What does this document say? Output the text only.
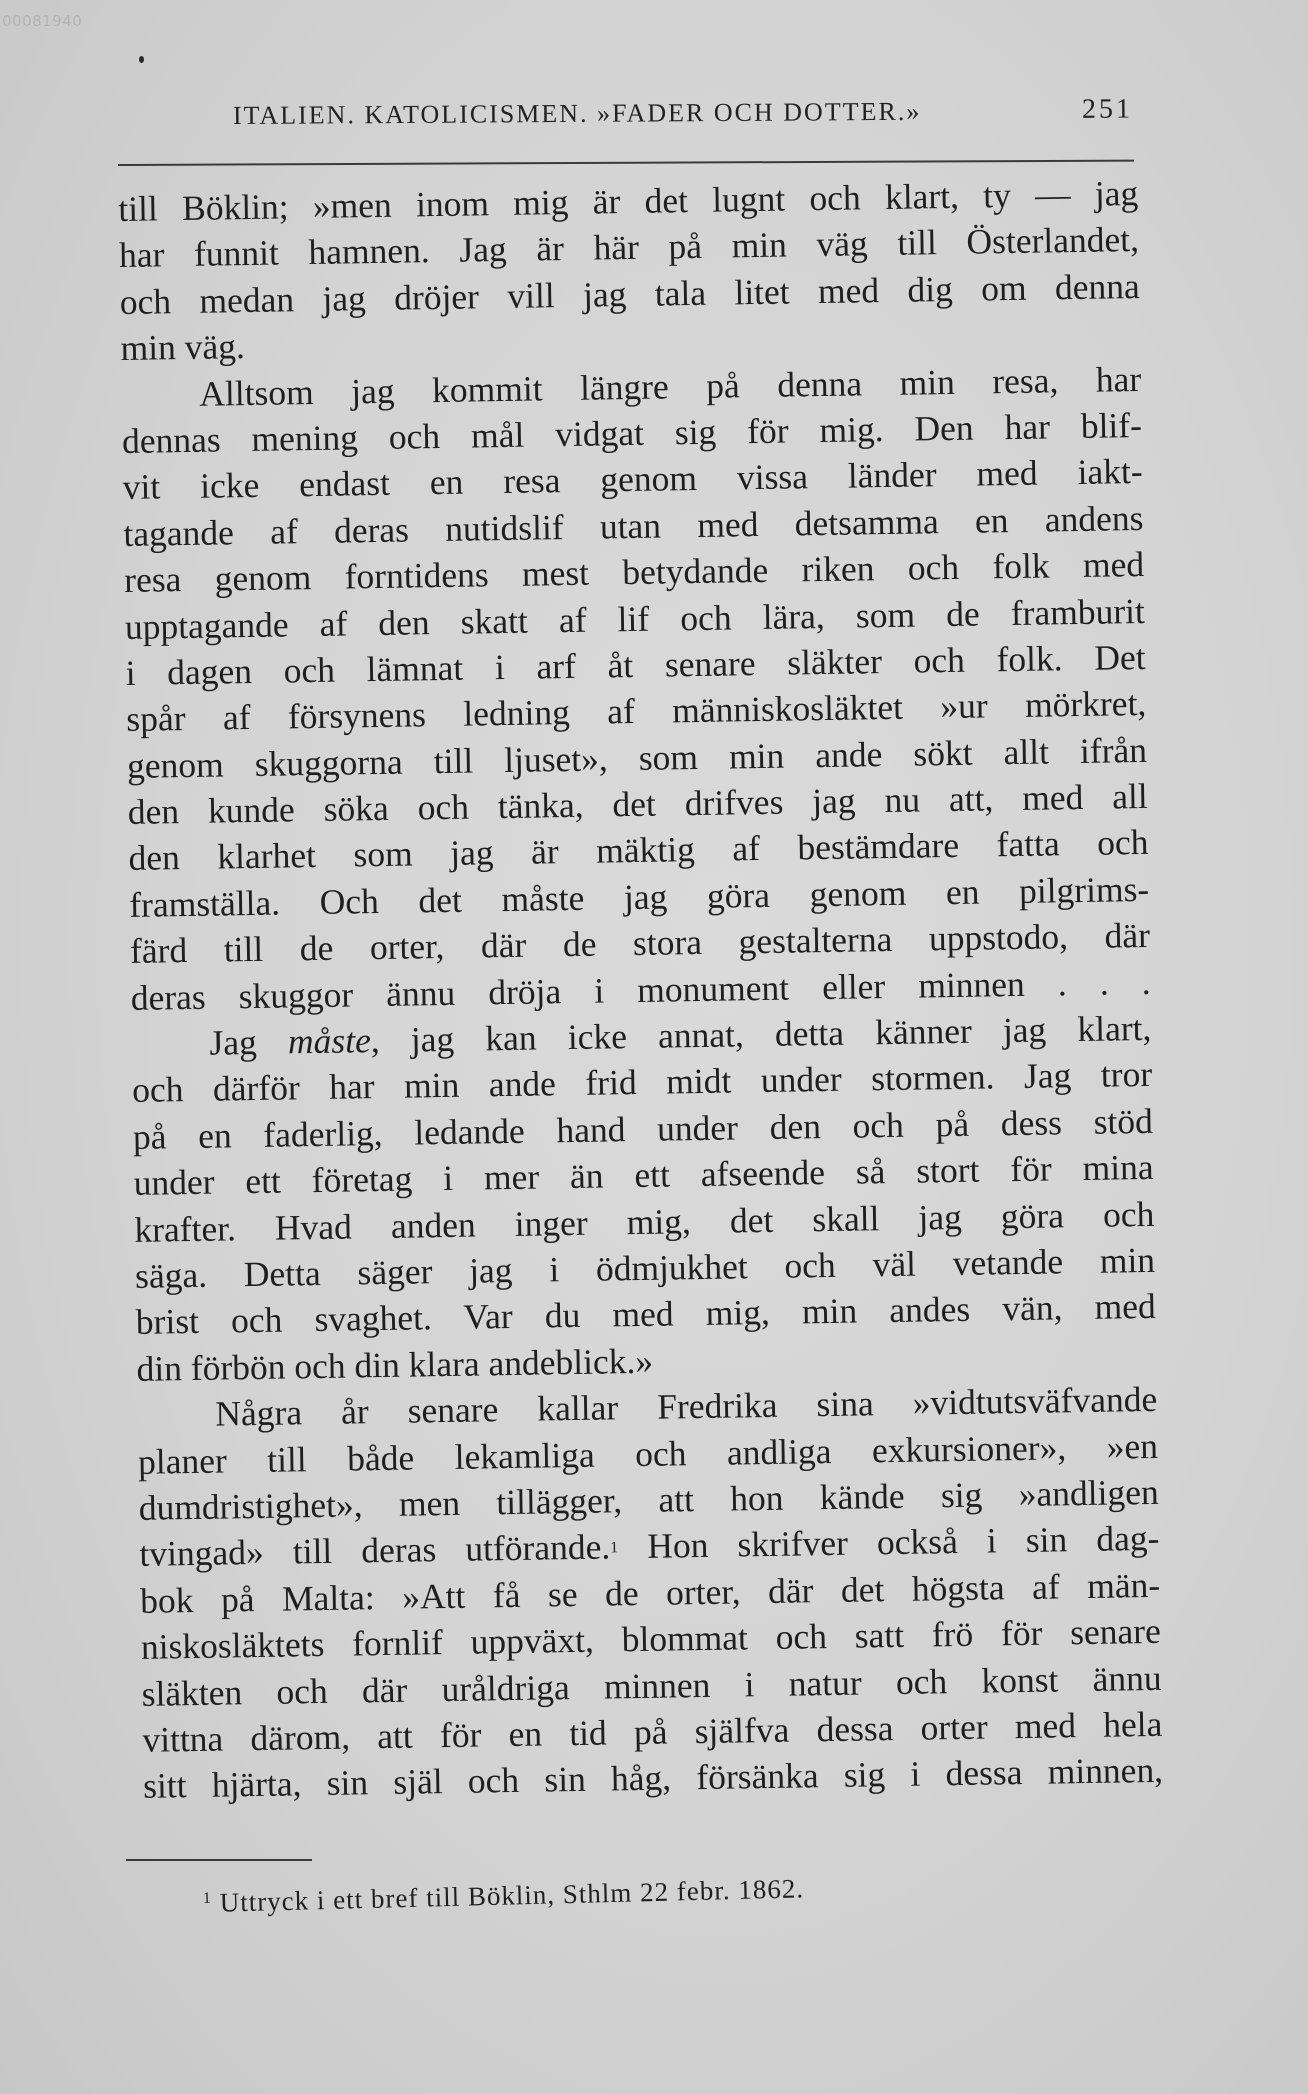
00081940
ITALIEN. KATOLICISMEN. »FADER OCH DOTTER.»	251
till Böklin; »men inom mig är det lugnt och klart, ty — jag
har funnit hamnen. Jag är här på min väg till Österlandet,
och medan jag dröjer vill jag tala litet med dig om denna
min väg.
Alltsom jag kommit längre på denna min resa, har
dennas mening och mål vidgat sig för mig. Den har blif-
vit icke endast en resa genom vissa länder med iakt-
tagande af deras nutidslif utan med detsamma en andens
resa genom forntidens mest betydande riken och folk med
upptagande af den skatt af lif och lära, som de framburit
i dagen och lämnat i arf åt senare släkter och folk. Det
spår af försynens ledning af människosläktet »ur mörkret,
genom skuggorna till ljuset», som min ande sökt allt ifrån
den kunde söka och tänka, det drifves jag nu att, med all
den klarhet som jag är mäktig af bestämdare fatta och
framställa. Och det måste jag göra genom en pilgrims-
färd till de orter, där de stora gestalterna uppstodo, där
deras skuggor ännu dröja i monument eller minnen . . .
Jag måste, jag kan icke annat, detta känner jag klart,
och därför har min ande frid midt under stormen. Jag tror
på en faderlig, ledande hand under den och på dess stöd
under ett företag i mer än ett afseende så stort för mina
krafter. Hvad anden inger mig, det skall jag göra och
säga. Detta säger jag i ödmjukhet och väl vetande min
brist och svaghet. Var du med mig, min andes vän, med
din förbön och din klara andeblick.»
Några år senare kallar Fredrika sina »vidtutsväfvande
planer till både lekamliga och andliga exkursioner», »en
dumdristighet», men tillägger, att hon kände sig »andligen
tvingad» till deras utförande.$^1$ Hon skrifver också i sin dag-
bok på Malta: »Att få se de orter, där det högsta af män-
niskosläktets fornlif uppväxt, blommat och satt frö för senare
släkten och där uråldriga minnen i natur och konst ännu
vittna därom, att för en tid på själfva dessa orter med hela
sitt hjärta, sin själ och sin håg, försänka sig i dessa minnen,
$^1$ Uttryck i ett bref till Böklin, Sthlm 22 febr. 1862.
